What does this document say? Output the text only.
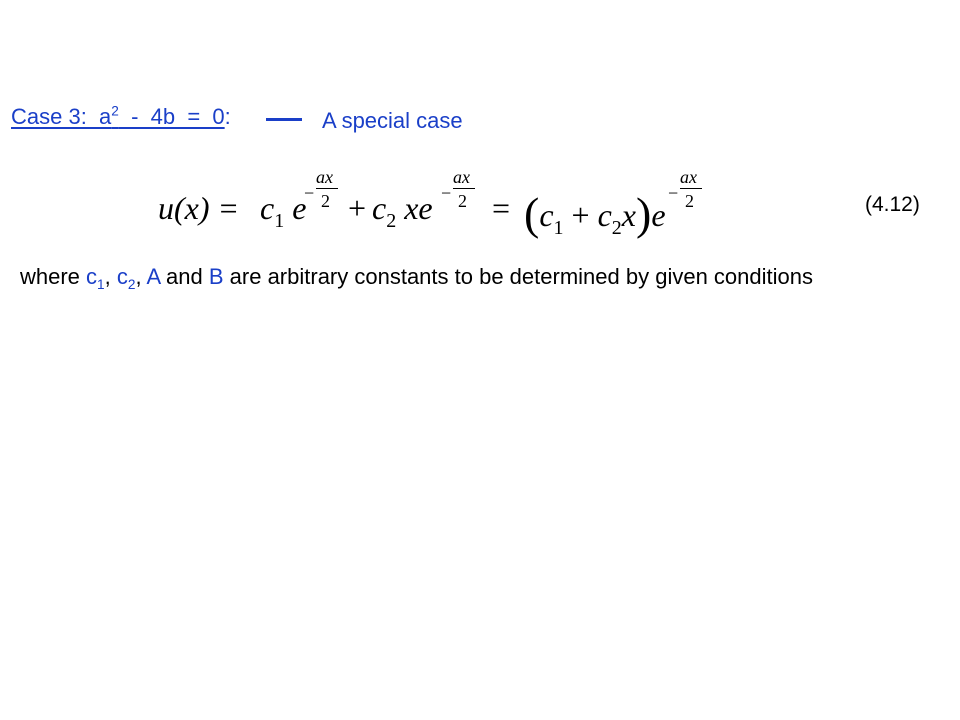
Case 3:  $a^2 - 4b = 0$:	A special case
$u(x) = c_1$ e
−
ax
$2 + c_2$ xe −
ax
$2 = (c_1 + c_2x)e$
−
ax
2	(4.12)
where $c_1$, $c_2$, A and B are arbitrary constants to be determined by given conditions
